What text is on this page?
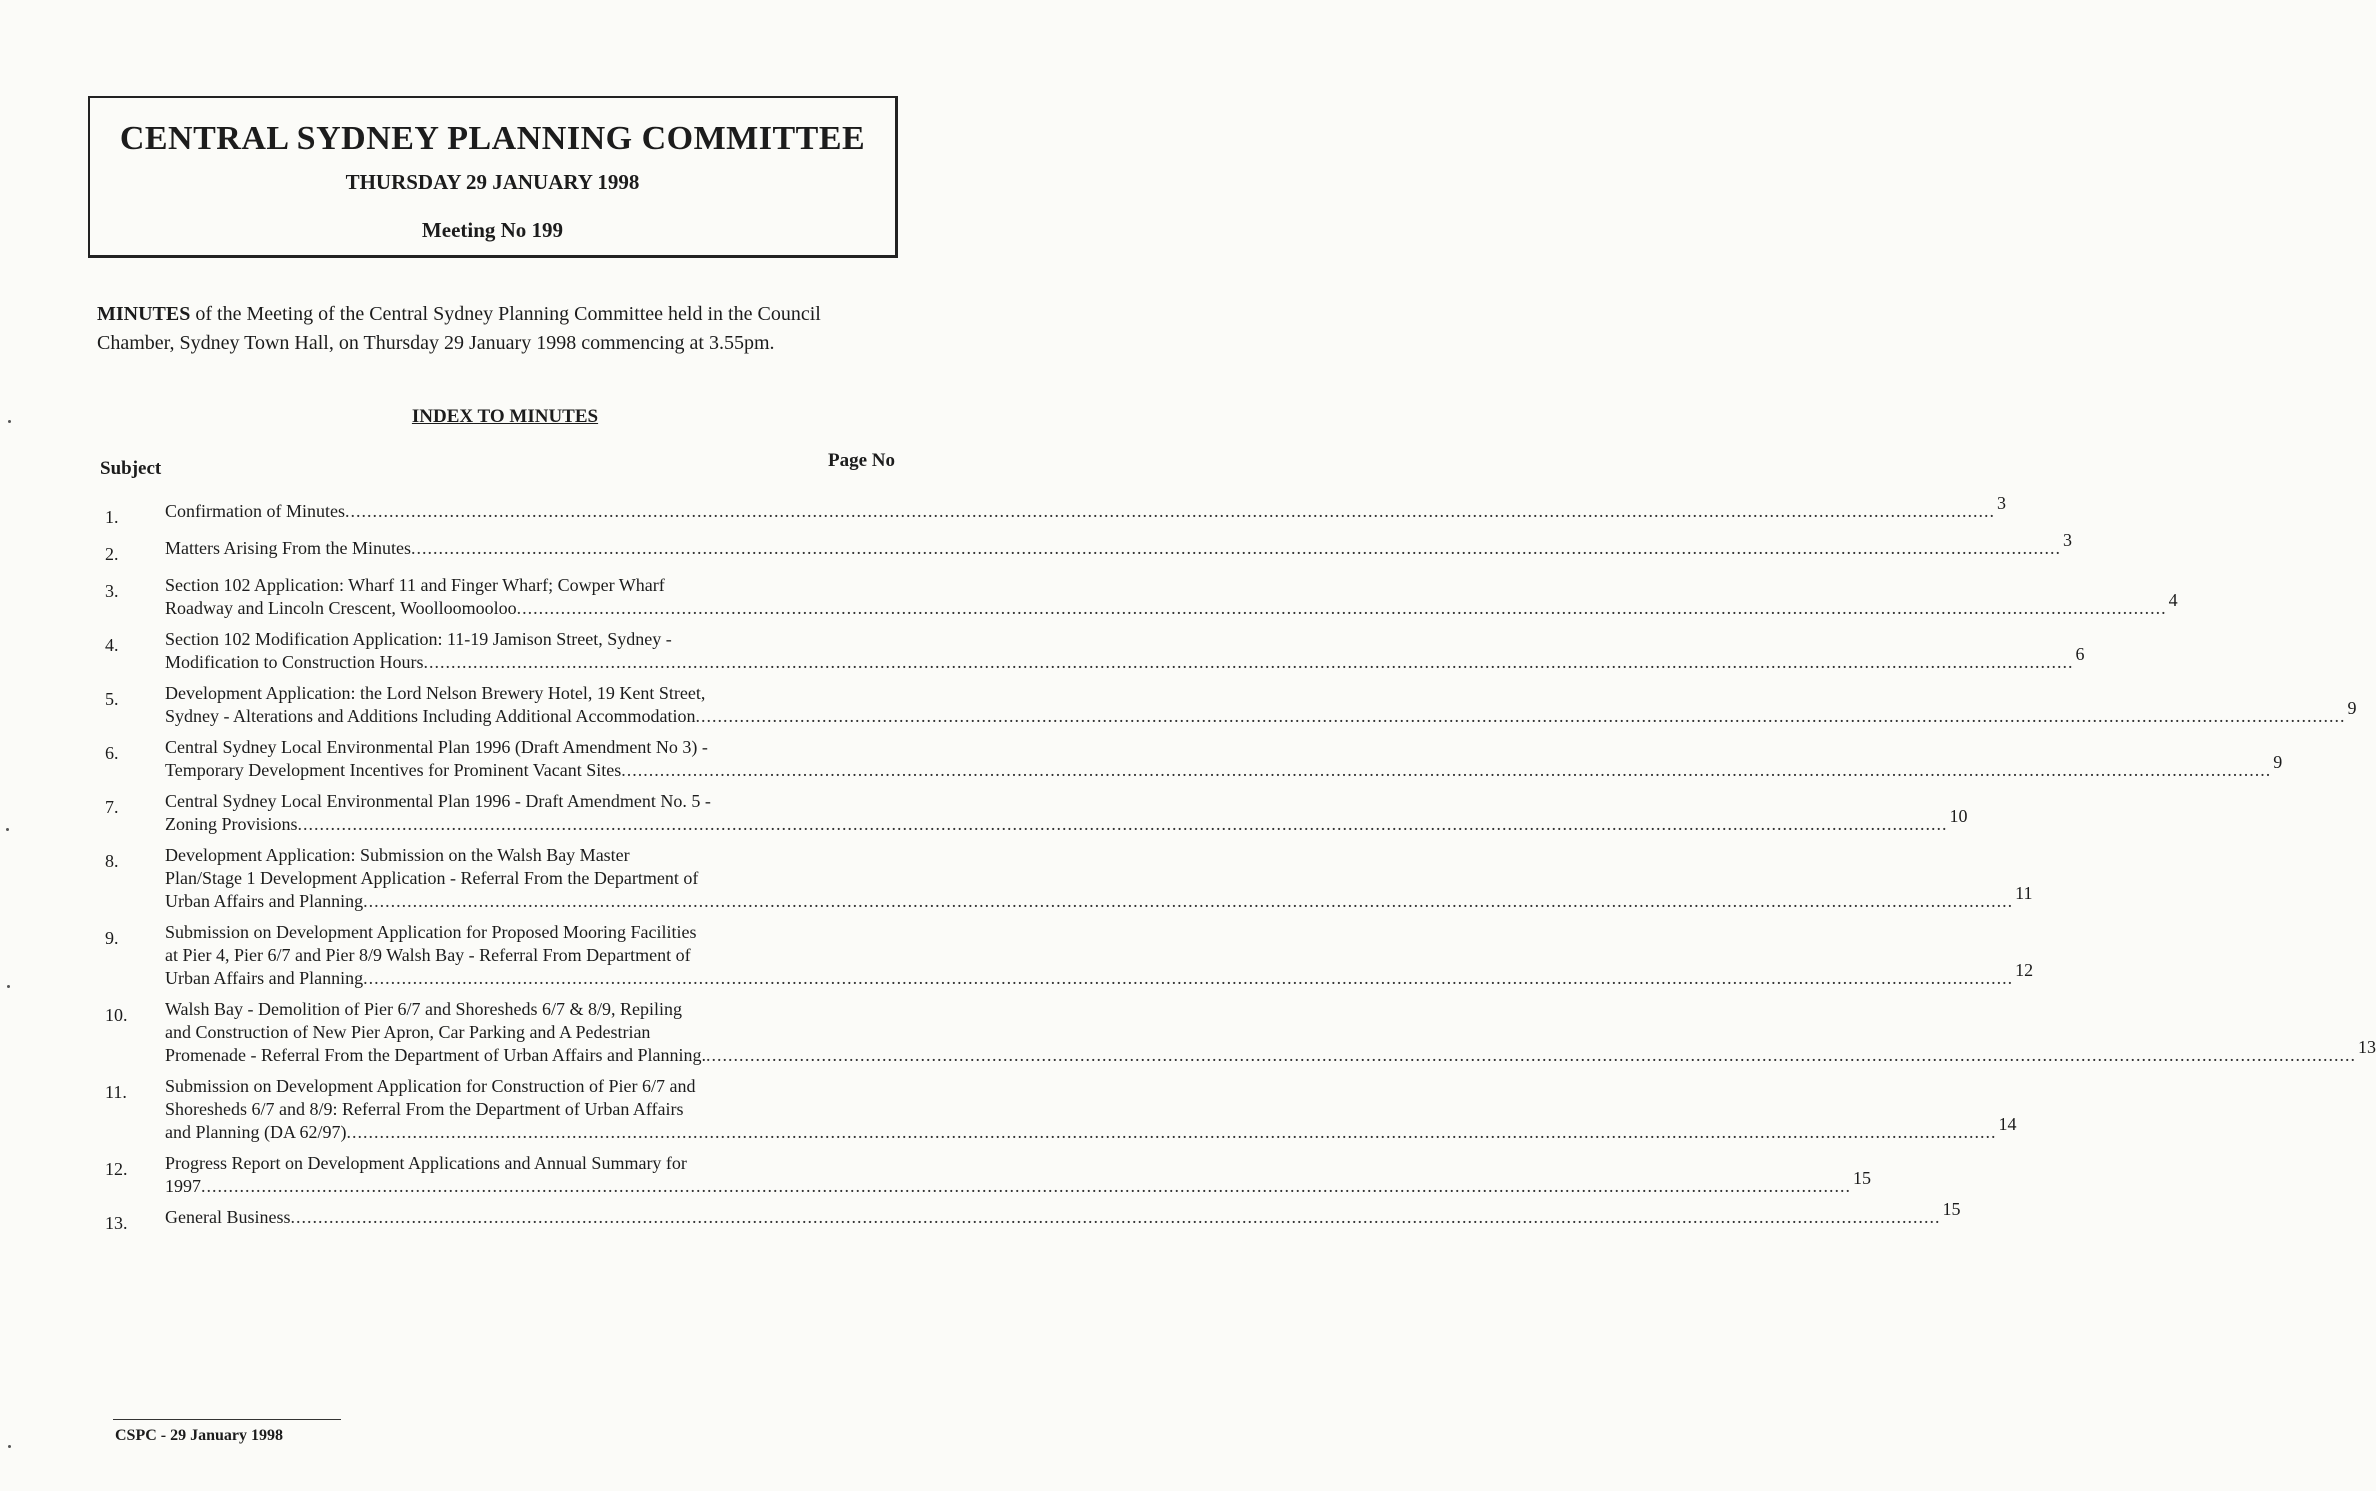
CENTRAL SYDNEY PLANNING COMMITTEE
THURSDAY 29 JANUARY 1998
Meeting No 199

MINUTES of the Meeting of the Central Sydney Planning Committee held in the Council Chamber, Sydney Town Hall, on Thursday 29 January 1998 commencing at 3.55pm.

INDEX TO MINUTES
Subject	Page No
1.	Confirmation of Minutes ............................................................................................................................................................................................................................................................................................................ 3
2.	Matters Arising From the Minutes ............................................................................................................................................................................................................................................................................................................ 3
3.	Section 102 Application: Wharf 11 and Finger Wharf; Cowper Wharf
Roadway and Lincoln Crescent, Woolloomooloo ............................................................................................................................................................................................................................................................................................................ 4
4.	Section 102 Modification Application: 11-19 Jamison Street, Sydney -
Modification to Construction Hours ............................................................................................................................................................................................................................................................................................................ 6
5.	Development Application: the Lord Nelson Brewery Hotel, 19 Kent Street,
Sydney - Alterations and Additions Including Additional Accommodation ............................................................................................................................................................................................................................................................................................................ 9
6.	Central Sydney Local Environmental Plan 1996 (Draft Amendment No 3) -
Temporary Development Incentives for Prominent Vacant Sites ............................................................................................................................................................................................................................................................................................................ 9
7.	Central Sydney Local Environmental Plan 1996 - Draft Amendment No. 5 -
Zoning Provisions ............................................................................................................................................................................................................................................................................................................ 10
8.	Development Application: Submission on the Walsh Bay Master
Plan/Stage 1 Development Application - Referral From the Department of
Urban Affairs and Planning ............................................................................................................................................................................................................................................................................................................ 11
9.	Submission on Development Application for Proposed Mooring Facilities
at Pier 4, Pier 6/7 and Pier 8/9 Walsh Bay - Referral From Department of
Urban Affairs and Planning ............................................................................................................................................................................................................................................................................................................ 12
10.	Walsh Bay - Demolition of Pier 6/7 and Shoresheds 6/7 & 8/9, Repiling
and Construction of New Pier Apron, Car Parking and A Pedestrian
Promenade - Referral From the Department of Urban Affairs and Planning. ............................................................................................................................................................................................................................................................................................................ 13
11.	Submission on Development Application for Construction of Pier 6/7 and
Shoresheds 6/7 and 8/9: Referral From the Department of Urban Affairs
and Planning (DA 62/97) ............................................................................................................................................................................................................................................................................................................ 14
12.	Progress Report on Development Applications and Annual Summary for
1997 ............................................................................................................................................................................................................................................................................................................ 15
13.	General Business ............................................................................................................................................................................................................................................................................................................ 15
CSPC - 29 January 1998
